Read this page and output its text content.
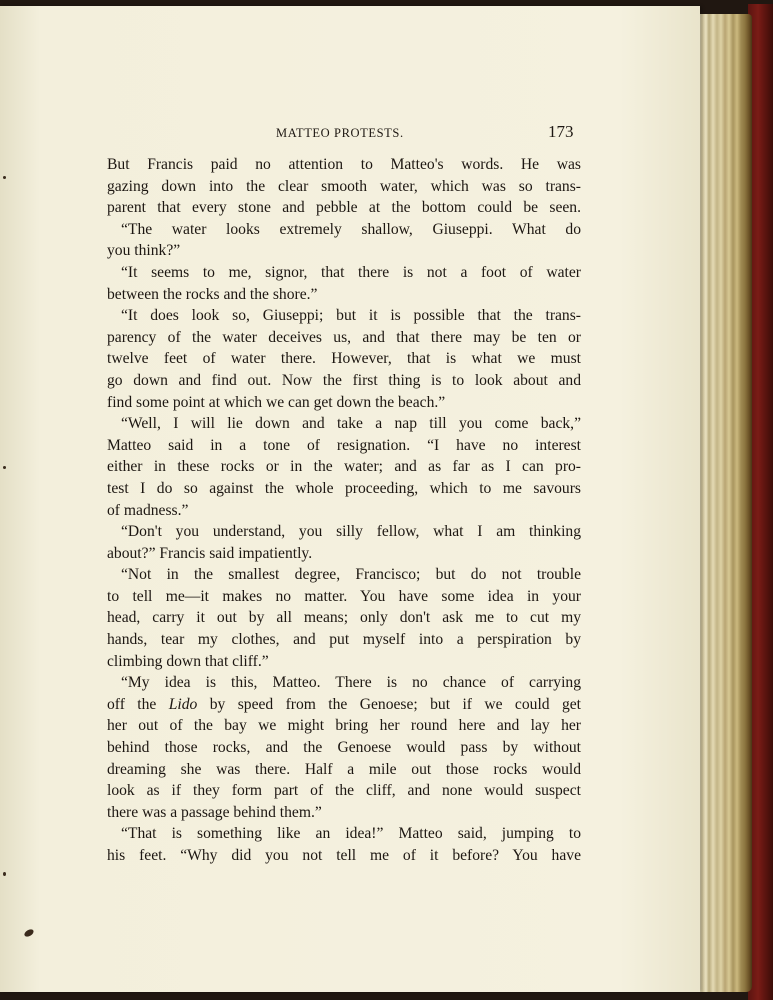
MATTEO PROTESTS.	173
But Francis paid no attention to Matteo's words. He was
gazing down into the clear smooth water, which was so trans-
parent that every stone and pebble at the bottom could be seen.
“The water looks extremely shallow, Giuseppi. What do
you think?”
“It seems to me, signor, that there is not a foot of water
between the rocks and the shore.”
“It does look so, Giuseppi; but it is possible that the trans-
parency of the water deceives us, and that there may be ten or
twelve feet of water there. However, that is what we must
go down and find out. Now the first thing is to look about and
find some point at which we can get down the beach.”
“Well, I will lie down and take a nap till you come back,”
Matteo said in a tone of resignation. “I have no interest
either in these rocks or in the water; and as far as I can pro-
test I do so against the whole proceeding, which to me savours
of madness.”
“Don't you understand, you silly fellow, what I am thinking
about?” Francis said impatiently.
“Not in the smallest degree, Francisco; but do not trouble
to tell me—it makes no matter. You have some idea in your
head, carry it out by all means; only don't ask me to cut my
hands, tear my clothes, and put myself into a perspiration by
climbing down that cliff.”
“My idea is this, Matteo. There is no chance of carrying
off the Lido by speed from the Genoese; but if we could get
her out of the bay we might bring her round here and lay her
behind those rocks, and the Genoese would pass by without
dreaming she was there. Half a mile out those rocks would
look as if they form part of the cliff, and none would suspect
there was a passage behind them.”
“That is something like an idea!” Matteo said, jumping to
his feet. “Why did you not tell me of it before? You have
